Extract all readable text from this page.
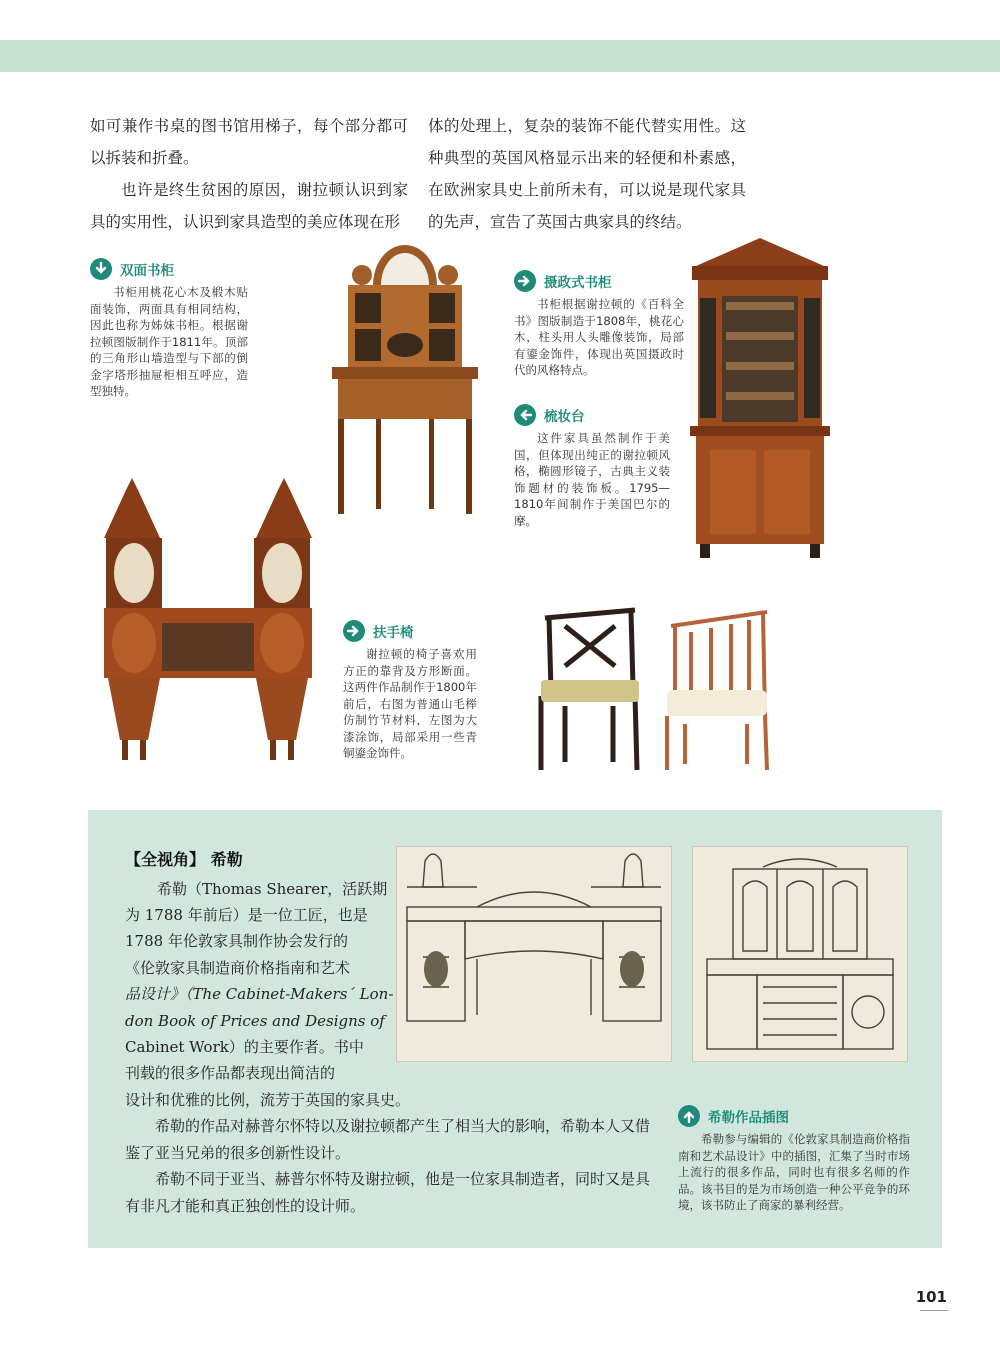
如可兼作书桌的图书馆用梯子，每个部分都可以拆装和折叠。

也许是终生贫困的原因，谢拉顿认识到家具的实用性，认识到家具造型的美应体现在形

体的处理上，复杂的装饰不能代替实用性。这种典型的英国风格显示出来的轻便和朴素感，在欧洲家具史上前所未有，可以说是现代家具的先声，宣告了英国古典家具的终结。

双面书柜

书柜用桃花心木及椴木贴面装饰，两面具有相同结构，因此也称为姊妹书柜。根据谢拉顿图版制作于1811年。顶部的三角形山墙造型与下部的倒金字塔形抽屉柜相互呼应，造型独特。

摄政式书柜

书柜根据谢拉顿的《百科全书》图版制造于1808年，桃花心木，柱头用人头雕像装饰，局部有鎏金饰件，体现出英国摄政时代的风格特点。

梳妆台

这件家具虽然制作于美国，但体现出纯正的谢拉顿风格，椭圆形镜子，古典主义装饰题材的装饰板。1795—1810年间制作于美国巴尔的摩。

扶手椅

谢拉顿的椅子喜欢用方正的靠背及方形断面。这两件作品制作于1800年前后，右图为普通山毛榉仿制竹节材料，左图为大漆涂饰，局部采用一些青铜鎏金饰件。

【全视角】 希勒

希勒（Thomas Shearer，活跃期

为 1788 年前后）是一位工匠，也是

1788 年伦敦家具制作协会发行的

《伦敦家具制造商价格指南和艺术

品设计》（The Cabinet-Makers´ Lon-

don Book of Prices and Designs of

Cabinet Work）的主要作者。书中

刊载的很多作品都表现出简洁的

设计和优雅的比例，流芳于英国的家具史。

希勒的作品对赫普尔怀特以及谢拉顿都产生了相当大的影响，希勒本人又借鉴了亚当兄弟的很多创新性设计。

希勒不同于亚当、赫普尔怀特及谢拉顿，他是一位家具制造者，同时又是具有非凡才能和真正独创性的设计师。

希勒作品插图

希勒参与编辑的《伦敦家具制造商价格指南和艺术品设计》中的插图，汇集了当时市场上流行的很多作品，同时也有很多名师的作品。该书目的是为市场创造一种公平竞争的环境，该书防止了商家的暴利经营。

101
